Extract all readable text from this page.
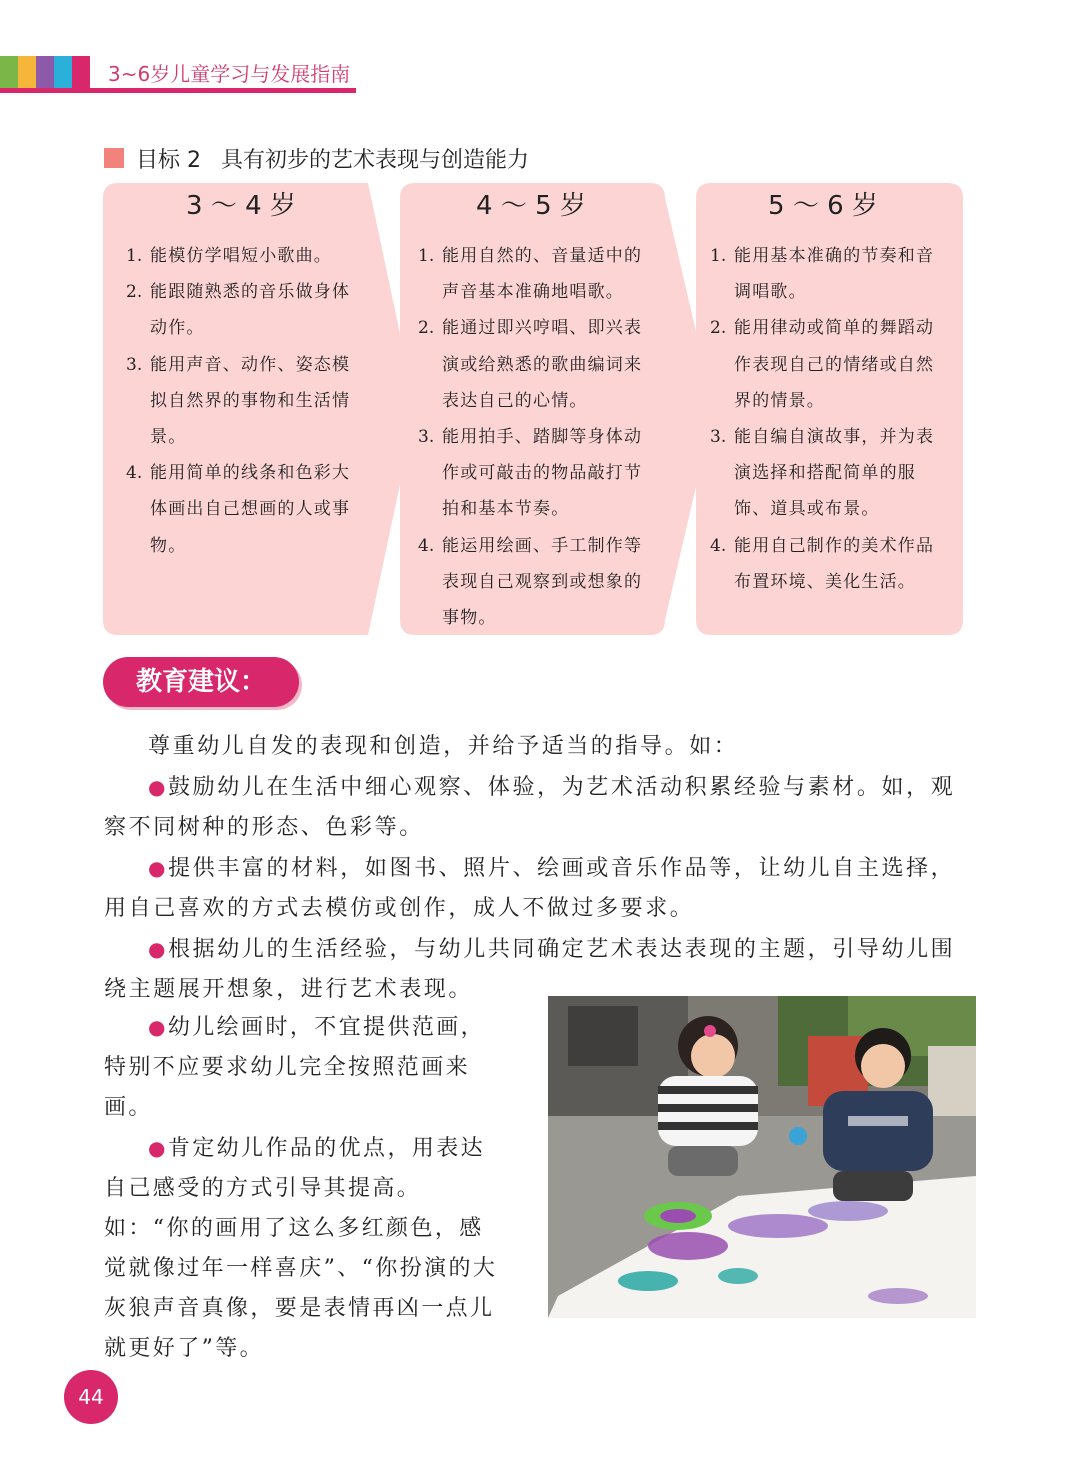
3~6岁儿童学习与发展指南
目标 2 具有初步的艺术表现与创造能力
3 ～ 4 岁
1. 能模仿学唱短小歌曲。
2. 能跟随熟悉的音乐做身体动作。
3. 能用声音、动作、姿态模拟自然界的事物和生活情景。
4. 能用简单的线条和色彩大体画出自己想画的人或事物。
4 ～ 5 岁
1. 能用自然的、音量适中的声音基本准确地唱歌。
2. 能通过即兴哼唱、即兴表演或给熟悉的歌曲编词来表达自己的心情。
3. 能用拍手、踏脚等身体动作或可敲击的物品敲打节拍和基本节奏。
4. 能运用绘画、手工制作等表现自己观察到或想象的事物。
5 ～ 6 岁
1. 能用基本准确的节奏和音调唱歌。
2. 能用律动或简单的舞蹈动作表现自己的情绪或自然界的情景。
3. 能自编自演故事，并为表演选择和搭配简单的服饰、道具或布景。
4. 能用自己制作的美术作品布置环境、美化生活。
教育建议：

尊重幼儿自发的表现和创造，并给予适当的指导。如：

●鼓励幼儿在生活中细心观察、体验，为艺术活动积累经验与素材。如，观察不同树种的形态、色彩等。

●提供丰富的材料，如图书、照片、绘画或音乐作品等，让幼儿自主选择，用自己喜欢的方式去模仿或创作，成人不做过多要求。

●根据幼儿的生活经验，与幼儿共同确定艺术表达表现的主题，引导幼儿围绕主题展开想象，进行艺术表现。

●幼儿绘画时，不宜提供范画，特别不应要求幼儿完全按照范画来画。

●肯定幼儿作品的优点，用表达自己感受的方式引导其提高。如：“你的画用了这么多红颜色，感觉就像过年一样喜庆”、“你扮演的大灰狼声音真像，要是表情再凶一点儿就更好了”等。

44
